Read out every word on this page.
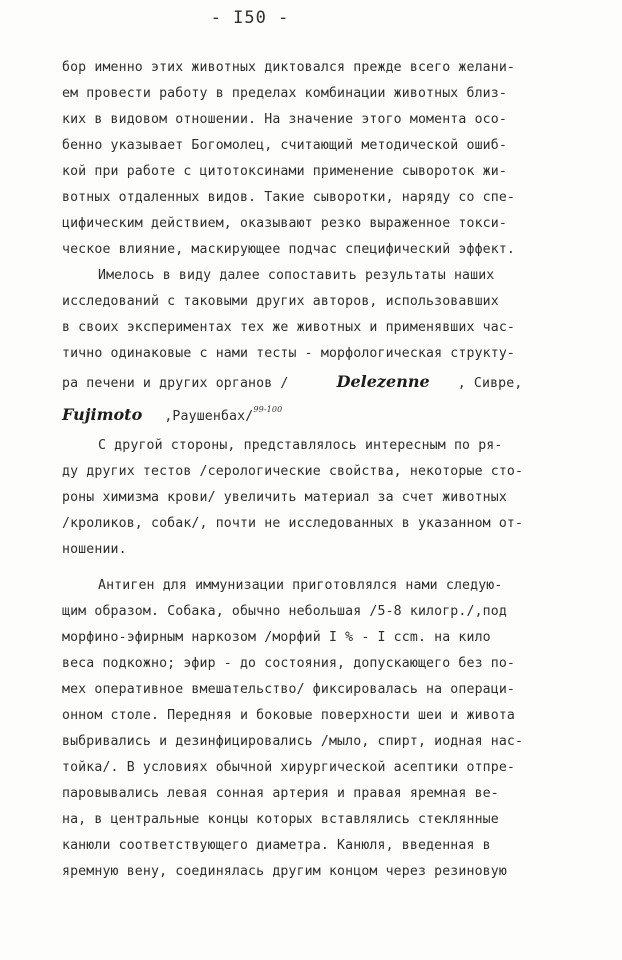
- I50 -
бор именно этих животных диктовался прежде всего желани-
ем провести работу в пределах комбинации животных близ-
ких в видовом отношении. На значение этого момента осо-
бенно указывает Богомолец, считающий методической ошиб-
кой при работе с цитотоксинами применение сывороток жи-
вотных отдаленных видов. Такие сыворотки, наряду со спе-
цифическим действием, оказывают резко выраженное токси-
ческое влияние, маскирующее подчас специфический эффект.
Имелось в виду далее сопоставить результаты наших
исследований с таковыми других авторов, использовавших
в своих экспериментах тех же животных и применявших час-
тично одинаковые с нами тесты - морфологическая структу-
ра печени и других органов /	Delezenne , Сивре,
Fujimoto ,Раушенбах/$^{99-100}$
С другой стороны, представлялось интересным по ря-
ду других тестов /серологические свойства, некоторые сто-
роны химизма крови/ увеличить материал за счет животных
/кроликов, собак/, почти не исследованных в указанном от-
ношении.
Антиген для иммунизации приготовлялся нами следую-
щим образом. Собака, обычно небольшая /5-8 килогр./,под
морфино-эфирным наркозом /морфий I % - I ccm. на кило
веса подкожно; эфир - до состояния, допускающего без по-
мех оперативное вмешательство/ фиксировалась на операци-
онном столе. Передняя и боковые поверхности шеи и живота
выбривались и дезинфицировались /мыло, спирт, иодная нас-
тойка/. В условиях обычной хирургической асептики отпре-
паровывались левая сонная артерия и правая яремная ве-
на, в центральные концы которых вставлялись стеклянные
канюли соответствующего диаметра. Канюля, введенная в
яремную вену, соединялась другим концом через резиновую
